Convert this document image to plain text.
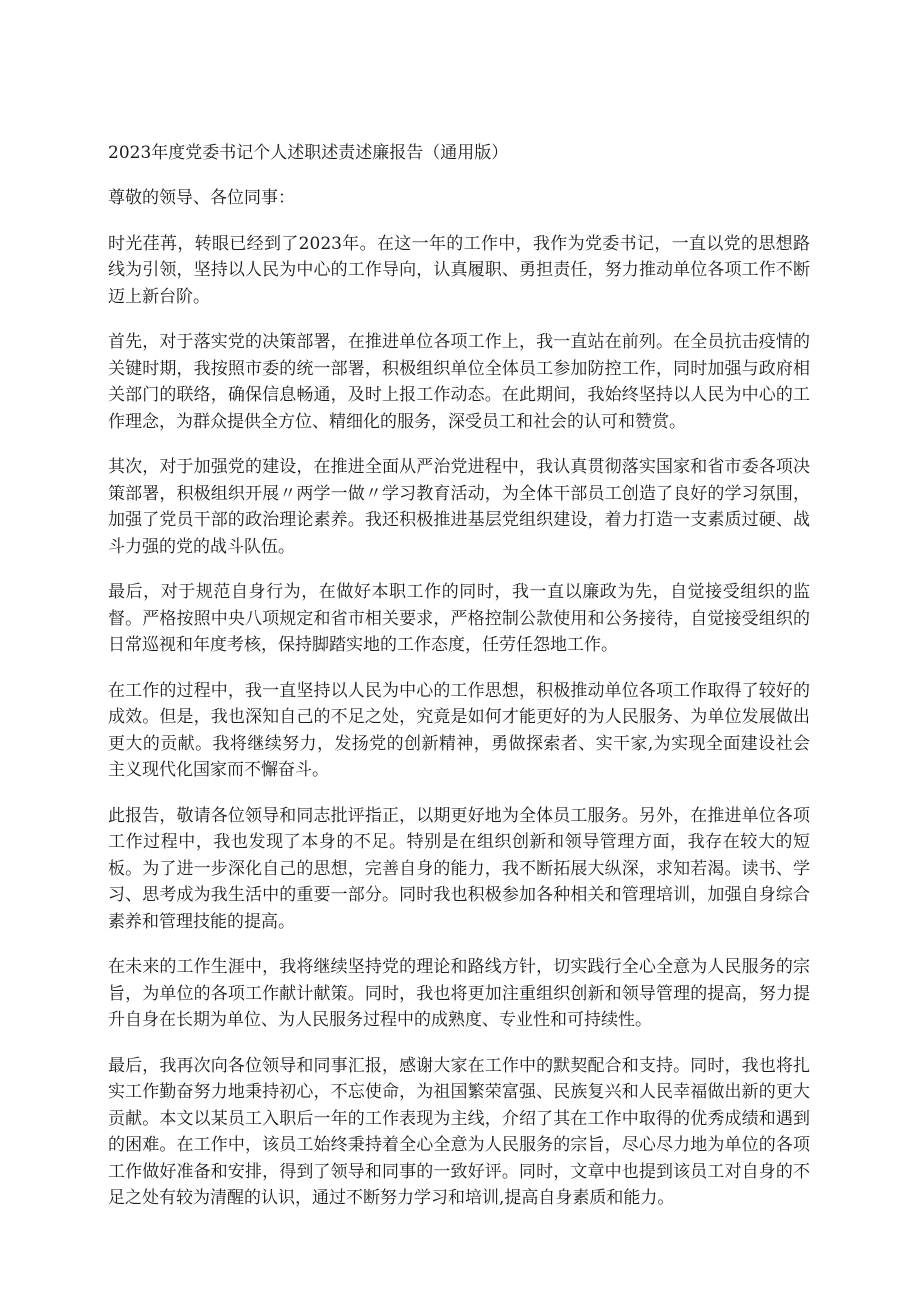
2023年度党委书记个人述职述责述廉报告（通用版）

尊敬的领导、各位同事：

时光荏苒，转眼已经到了2023年。在这一年的工作中，我作为党委书记，一直以党的思想路线为引领，坚持以人民为中心的工作导向，认真履职、勇担责任，努力推动单位各项工作不断迈上新台阶。

首先，对于落实党的决策部署，在推进单位各项工作上，我一直站在前列。在全员抗击疫情的关键时期，我按照市委的统一部署，积极组织单位全体员工参加防控工作，同时加强与政府相关部门的联络，确保信息畅通，及时上报工作动态。在此期间，我始终坚持以人民为中心的工作理念，为群众提供全方位、精细化的服务，深受员工和社会的认可和赞赏。

其次，对于加强党的建设，在推进全面从严治党进程中，我认真贯彻落实国家和省市委各项决策部署，积极组织开展〃两学一做〃学习教育活动，为全体干部员工创造了良好的学习氛围，加强了党员干部的政治理论素养。我还积极推进基层党组织建设，着力打造一支素质过硬、战斗力强的党的战斗队伍。

最后，对于规范自身行为，在做好本职工作的同时，我一直以廉政为先，自觉接受组织的监督。严格按照中央八项规定和省市相关要求，严格控制公款使用和公务接待，自觉接受组织的日常巡视和年度考核，保持脚踏实地的工作态度，任劳任怨地工作。

在工作的过程中，我一直坚持以人民为中心的工作思想，积极推动单位各项工作取得了较好的成效。但是，我也深知自己的不足之处，究竟是如何才能更好的为人民服务、为单位发展做出更大的贡献。我将继续努力，发扬党的创新精神，勇做探索者、实干家,为实现全面建设社会主义现代化国家而不懈奋斗。

此报告，敬请各位领导和同志批评指正，以期更好地为全体员工服务。另外，在推进单位各项工作过程中，我也发现了本身的不足。特别是在组织创新和领导管理方面，我存在较大的短板。为了进一步深化自己的思想，完善自身的能力，我不断拓展大纵深，求知若渴。读书、学习、思考成为我生活中的重要一部分。同时我也积极参加各种相关和管理培训，加强自身综合素养和管理技能的提高。

在未来的工作生涯中，我将继续坚持党的理论和路线方针，切实践行全心全意为人民服务的宗旨，为单位的各项工作献计献策。同时，我也将更加注重组织创新和领导管理的提高，努力提升自身在长期为单位、为人民服务过程中的成熟度、专业性和可持续性。

最后，我再次向各位领导和同事汇报，感谢大家在工作中的默契配合和支持。同时，我也将扎实工作勤奋努力地秉持初心，不忘使命，为祖国繁荣富强、民族复兴和人民幸福做出新的更大贡献。本文以某员工入职后一年的工作表现为主线，介绍了其在工作中取得的优秀成绩和遇到的困难。在工作中，该员工始终秉持着全心全意为人民服务的宗旨，尽心尽力地为单位的各项工作做好准备和安排，得到了领导和同事的一致好评。同时，文章中也提到该员工对自身的不足之处有较为清醒的认识，通过不断努力学习和培训,提高自身素质和能力。
